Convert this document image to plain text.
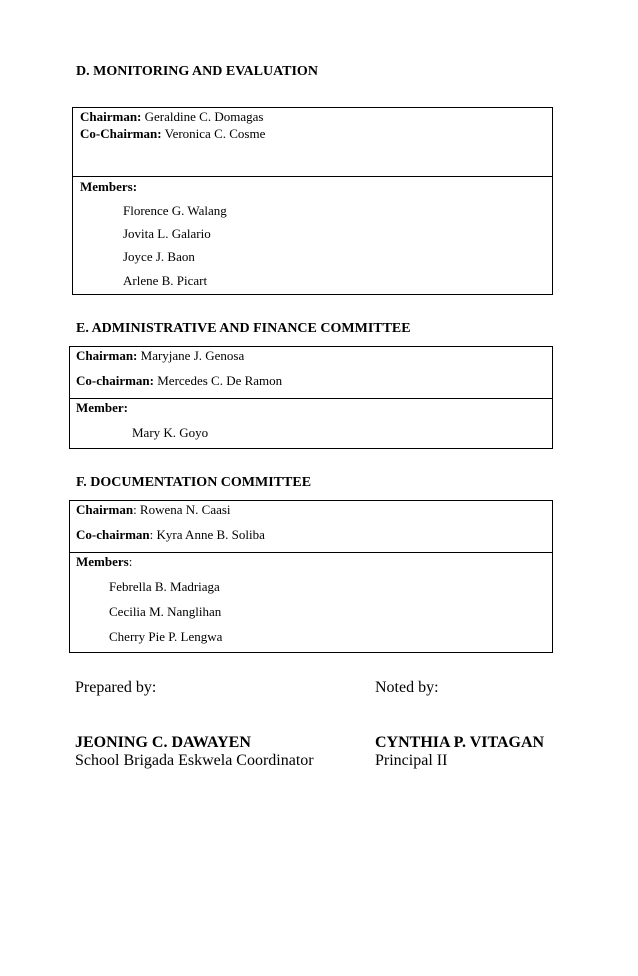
D. MONITORING AND EVALUATION
Chairman: Geraldine C. Domagas
Co-Chairman: Veronica C. Cosme
Members:
Florence G. Walang
Jovita L. Galario
Joyce J. Baon
Arlene B. Picart
E. ADMINISTRATIVE AND FINANCE COMMITTEE
Chairman: Maryjane J. Genosa
Co-chairman: Mercedes C. De Ramon
Member:
Mary K. Goyo
F. DOCUMENTATION COMMITTEE
Chairman: Rowena N. Caasi
Co-chairman: Kyra Anne B. Soliba
Members:
Febrella B. Madriaga
Cecilia M. Nanglihan
Cherry Pie P. Lengwa
Prepared by:	Noted by:
JEONING C. DAWAYEN
School Brigada Eskwela Coordinator
CYNTHIA P. VITAGAN
Principal II
